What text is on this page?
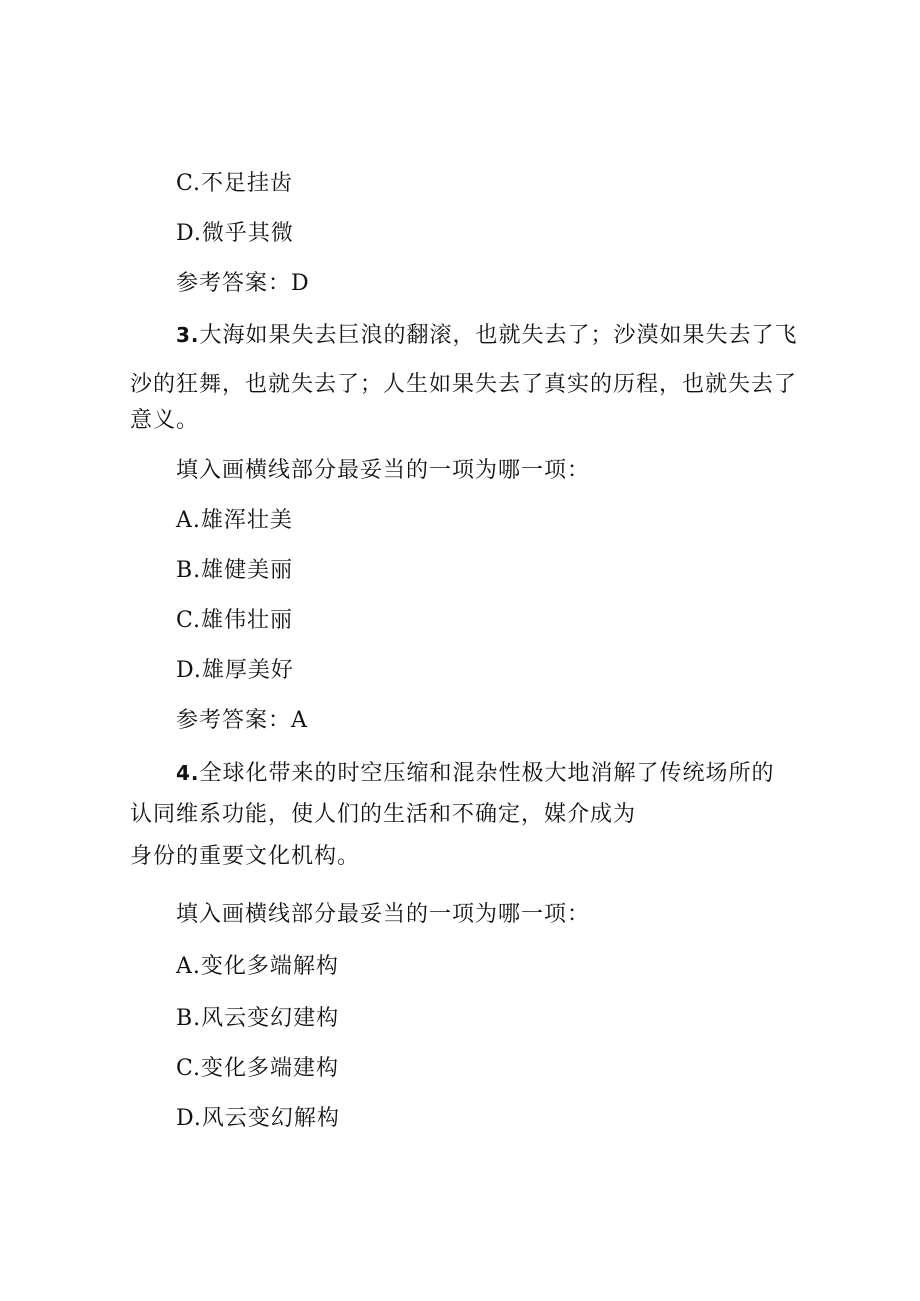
C.不足挂齿
D.微乎其微
参考答案：D
3.大海如果失去巨浪的翻滚，也就失去了；沙漠如果失去了飞
沙的狂舞，也就失去了；人生如果失去了真实的历程，也就失去了
意义。
填入画横线部分最妥当的一项为哪一项：
A.雄浑壮美
B.雄健美丽
C.雄伟壮丽
D.雄厚美好
参考答案：A
4.全球化带来的时空压缩和混杂性极大地消解了传统场所的
认同维系功能，使人们的生活和不确定，媒介成为
身份的重要文化机构。
填入画横线部分最妥当的一项为哪一项：
A.变化多端解构
B.风云变幻建构
C.变化多端建构
D.风云变幻解构
